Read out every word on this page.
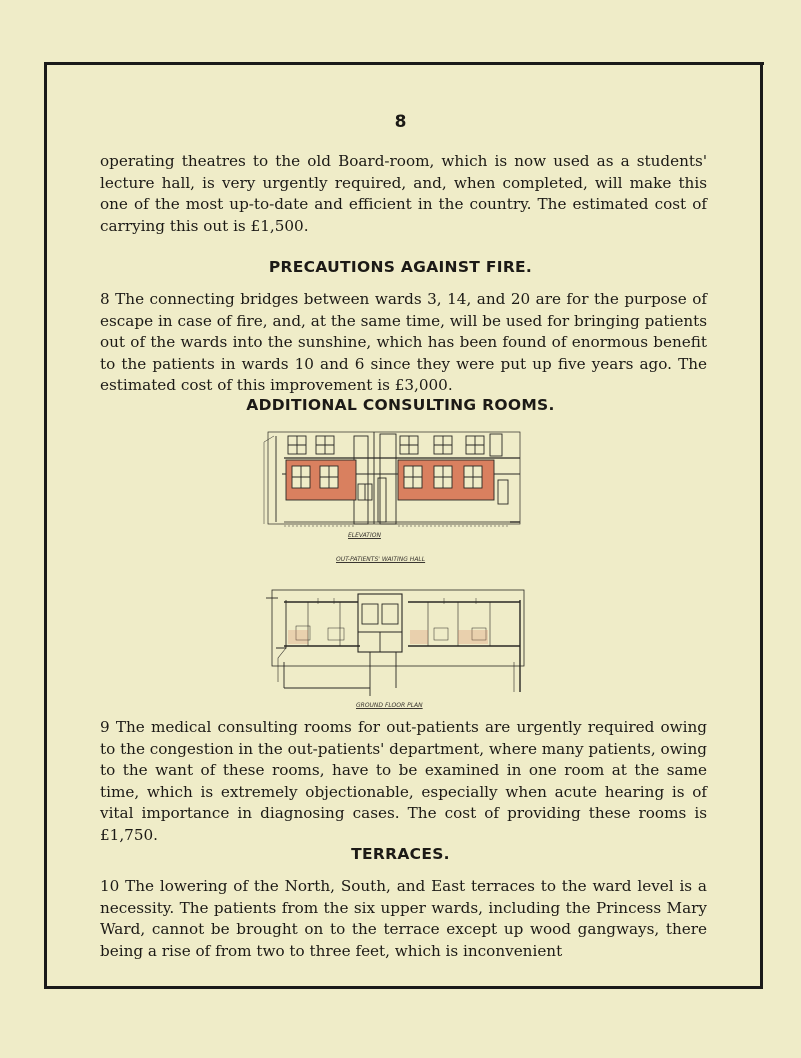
8
operating theatres to the old Board-room, which is now used as a students' lecture hall, is very urgently required, and, when completed, will make this one of the most up-to-date and efficient in the country. The estimated cost of carrying this out is £1,500.
PRECAUTIONS AGAINST FIRE.
8 The connecting bridges between wards 3, 14, and 20 are for the purpose of escape in case of fire, and, at the same time, will be used for bringing patients out of the wards into the sunshine, which has been found of enormous benefit to the patients in wards 10 and 6 since they were put up five years ago. The estimated cost of this improvement is £3,000.
ADDITIONAL CONSULTING ROOMS.
ELEVATION
OUT-PATIENTS' WAITING HALL
GROUND FLOOR PLAN
9 The medical consulting rooms for out-patients are urgently required owing to the congestion in the out-patients' department, where many patients, owing to the want of these rooms, have to be examined in one room at the same time, which is extremely objectionable, especially when acute hearing is of vital importance in diagnosing cases. The cost of providing these rooms is £1,750.
TERRACES.
10 The lowering of the North, South, and East terraces to the ward level is a necessity. The patients from the six upper wards, including the Princess Mary Ward, cannot be brought on to the terrace except up wood gangways, there being a rise of from two to three feet, which is inconvenient
